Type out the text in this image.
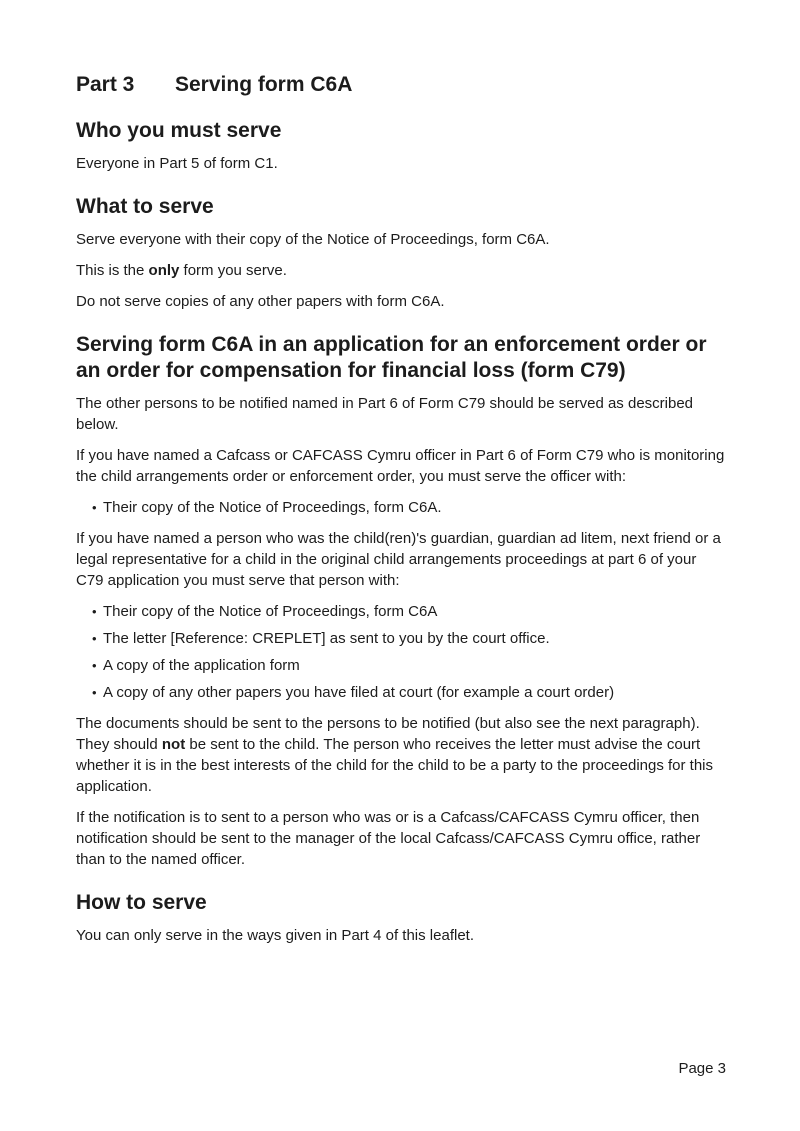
Part 3	Serving form C6A
Who you must serve

Everyone in Part 5 of form C1.

What to serve

Serve everyone with their copy of the Notice of Proceedings, form C6A.

This is the only form you serve.

Do not serve copies of any other papers with form C6A.

Serving form C6A in an application for an enforcement order or
an order for compensation for financial loss (form C79)

The other persons to be notified named in Part 6 of Form C79 should be served as described below.

If you have named a Cafcass or CAFCASS Cymru officer in Part 6 of Form C79 who is monitoring the child arrangements order or enforcement order, you must serve the officer with:

• Their copy of the Notice of Proceedings, form C6A.

If you have named a person who was the child(ren)'s guardian, guardian ad litem, next friend or a legal representative for a child in the original child arrangements proceedings at part 6 of your C79 application you must serve that person with:

• Their copy of the Notice of Proceedings, form C6A
• The letter [Reference: CREPLET] as sent to you by the court office.
• A copy of the application form
• A copy of any other papers you have filed at court (for example a court order)

The documents should be sent to the persons to be notified (but also see the next paragraph). They should not be sent to the child. The person who receives the letter must advise the court whether it is in the best interests of the child for the child to be a party to the proceedings for this application.

If the notification is to sent to a person who was or is a Cafcass/CAFCASS Cymru officer, then notification should be sent to the manager of the local Cafcass/CAFCASS Cymru office, rather than to the named officer.

How to serve

You can only serve in the ways given in Part 4 of this leaflet.

Page 3
